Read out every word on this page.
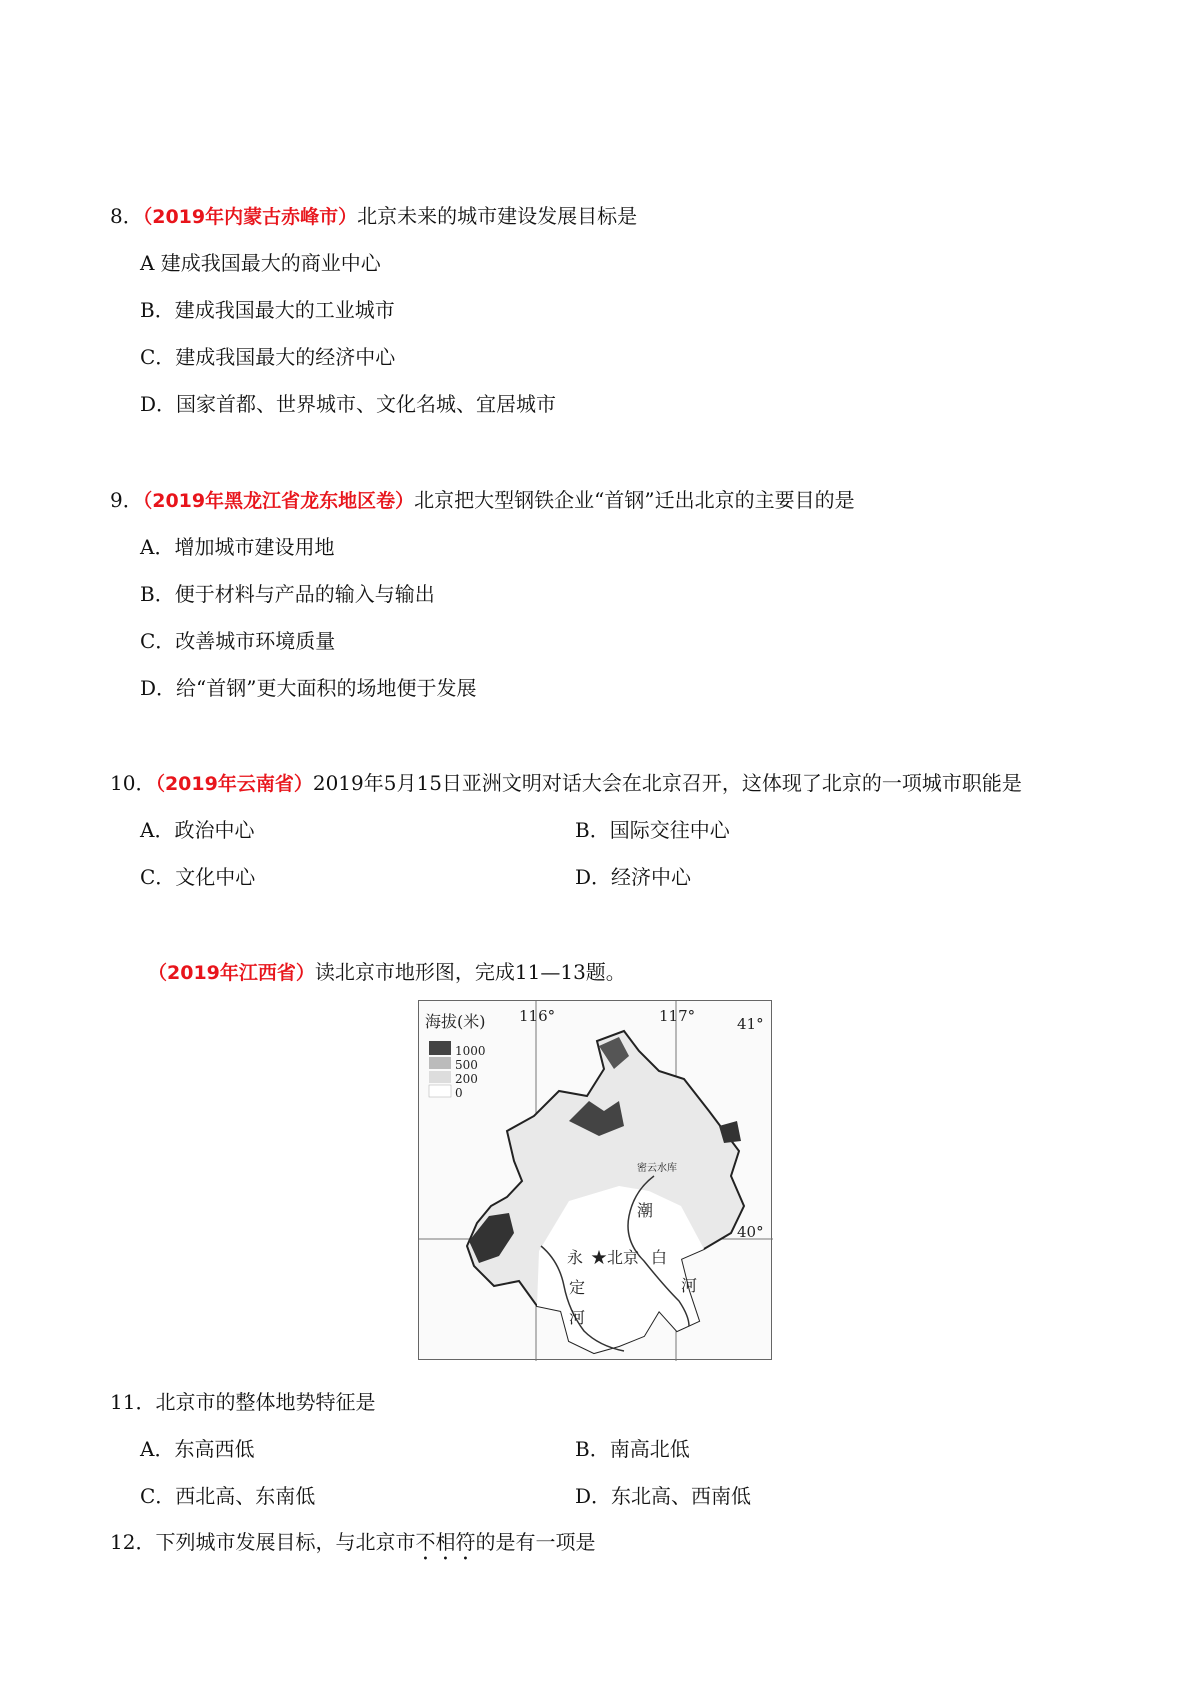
8．（2019年内蒙古赤峰市）北京未来的城市建设发展目标是
A 建成我国最大的商业中心
B．建成我国最大的工业城市
C．建成我国最大的经济中心
D．国家首都、世界城市、文化名城、宜居城市
9．（2019年黑龙江省龙东地区卷）北京把大型钢铁企业“首钢”迁出北京的主要目的是
A．增加城市建设用地
B．便于材料与产品的输入与输出
C．改善城市环境质量
D．给“首钢”更大面积的场地便于发展
10．（2019年云南省）2019年5月15日亚洲文明对话大会在北京召开，这体现了北京的一项城市职能是
A．政治中心	B．国际交往中心
C．文化中心	D．经济中心
（2019年江西省）读北京市地形图，完成11—13题。
海拔(米)
1000
500
200
0
116°	117°	41°
40°
密云水库
★北京
潮
白
河
永
定
河
11．北京市的整体地势特征是
A．东高西低	B．南高北低
C．西北高、东南低	D．东北高、西南低
12．下列城市发展目标，与北京市不相符的是有一项是
